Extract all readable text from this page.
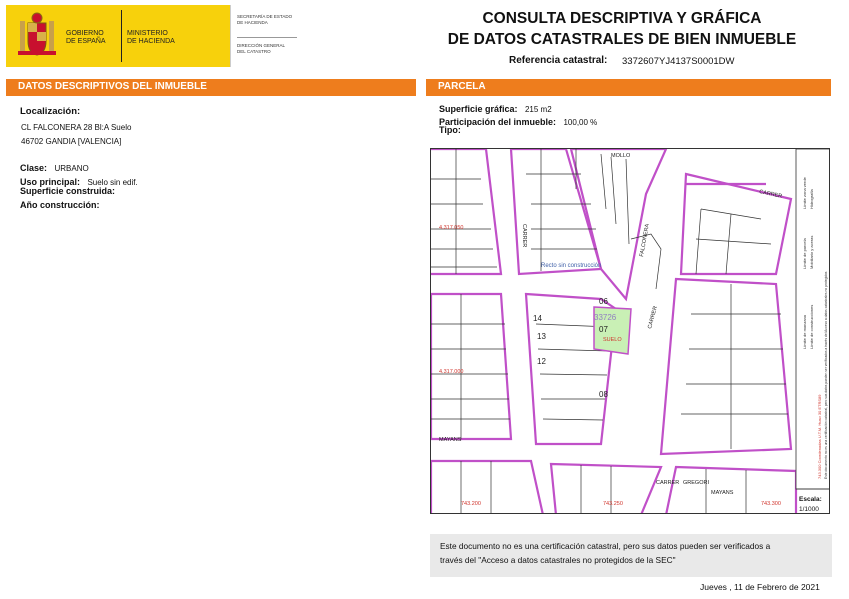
GOBIERNO
DE ESPAÑA
MINISTERIO
DE HACIENDA
SECRETARÍA DE ESTADO
DE HACIENDA
DIRECCIÓN GENERAL
DEL CATASTRO
CONSULTA DESCRIPTIVA Y GRÁFICA
DE DATOS CATASTRALES DE BIEN INMUEBLE
Referencia catastral: 3372607YJ4137S0001DW
DATOS DESCRIPTIVOS DEL INMUEBLE
Localización:
CL FALCONERA 28 Bl:A Suelo
46702 GANDIA [VALENCIA]
Clase: URBANO
Uso principal: Suelo sin edif.
Superficie construida:
Año construcción:
PARCELA
Superficie gráfica: 215 m2
Participación del inmueble: 100,00 %
Tipo:
MOLLO
CARRER
FALCONERA
CARRER
GREGORI
MAYANS
MAYANS
CARRER
CARRER
Recto sin construcción
33726
07
06
08
13
12
14
SUELO
4.317.050
4.317.000
743.200	743.250	743.300
Límite de manzana
Límite de parcela
Límite de construcciones
Mobiliario y aceras
Límite zona verde Hidrografía
743.300 Coordenadas U.T.M. Huso 30 ETRS89 Este documento no es una certificación catastral, pero sus datos pueden ser verificados a través del Acceso a datos catastrales no protegidos
Escala:
1/1000
Este documento no es una certificación catastral, pero sus datos pueden ser verificados a
través del "Acceso a datos catastrales no protegidos de la SEC"
Jueves , 11 de Febrero de 2021
